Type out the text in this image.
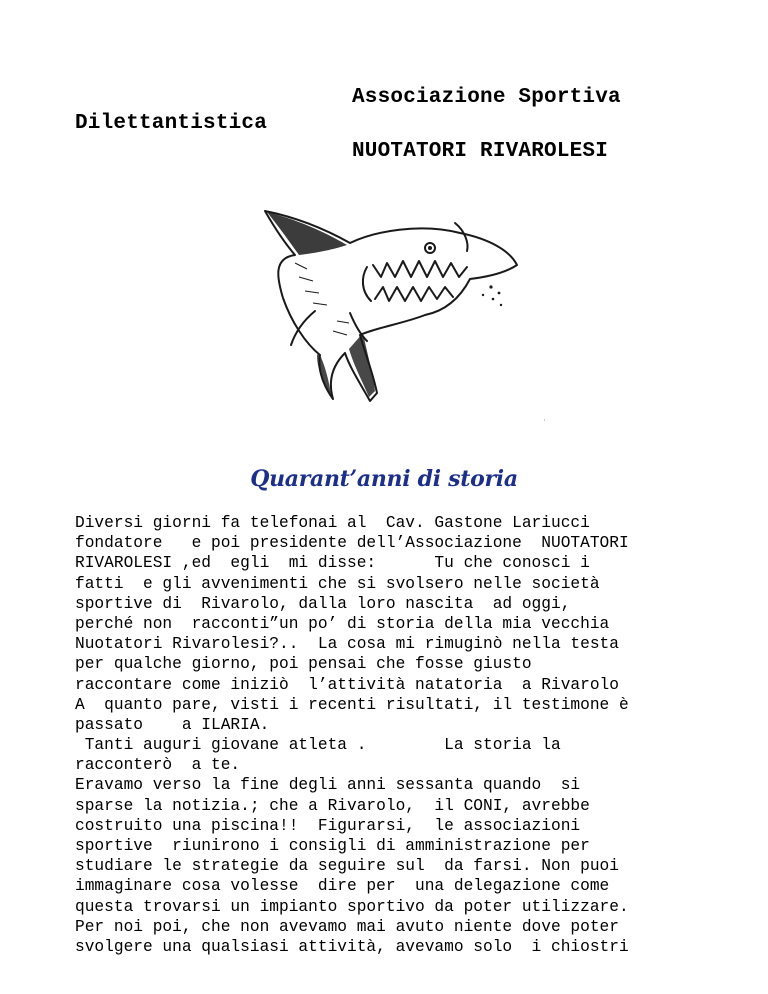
Associazione Sportiva
Dilettantistica
NUOTATORI RIVAROLESI
·
Quarant’anni di storia
Diversi giorni fa telefonai al  Cav. Gastone Lariucci
fondatore   e poi presidente dell’Associazione  NUOTATORI
RIVAROLESI ,ed  egli  mi disse:      Tu che conosci i
fatti  e gli avvenimenti che si svolsero nelle società
sportive di  Rivarolo, dalla loro nascita  ad oggi,
perché non  racconti”un po’ di storia della mia vecchia
Nuotatori Rivarolesi?..  La cosa mi rimuginò nella testa
per qualche giorno, poi pensai che fosse giusto
raccontare come iniziò  l’attività natatoria  a Rivarolo
A  quanto pare, visti i recenti risultati, il testimone è
passato    a ILARIA.
Tanti auguri giovane atleta .        La storia la
racconterò  a te.
Eravamo verso la fine degli anni sessanta quando  si
sparse la notizia.; che a Rivarolo,  il CONI, avrebbe
costruito una piscina!!  Figurarsi,  le associazioni
sportive  riunirono i consigli di amministrazione per
studiare le strategie da seguire sul  da farsi. Non puoi
immaginare cosa volesse  dire per  una delegazione come
questa trovarsi un impianto sportivo da poter utilizzare.
Per noi poi, che non avevamo mai avuto niente dove poter
svolgere una qualsiasi attività, avevamo solo  i chiostri
